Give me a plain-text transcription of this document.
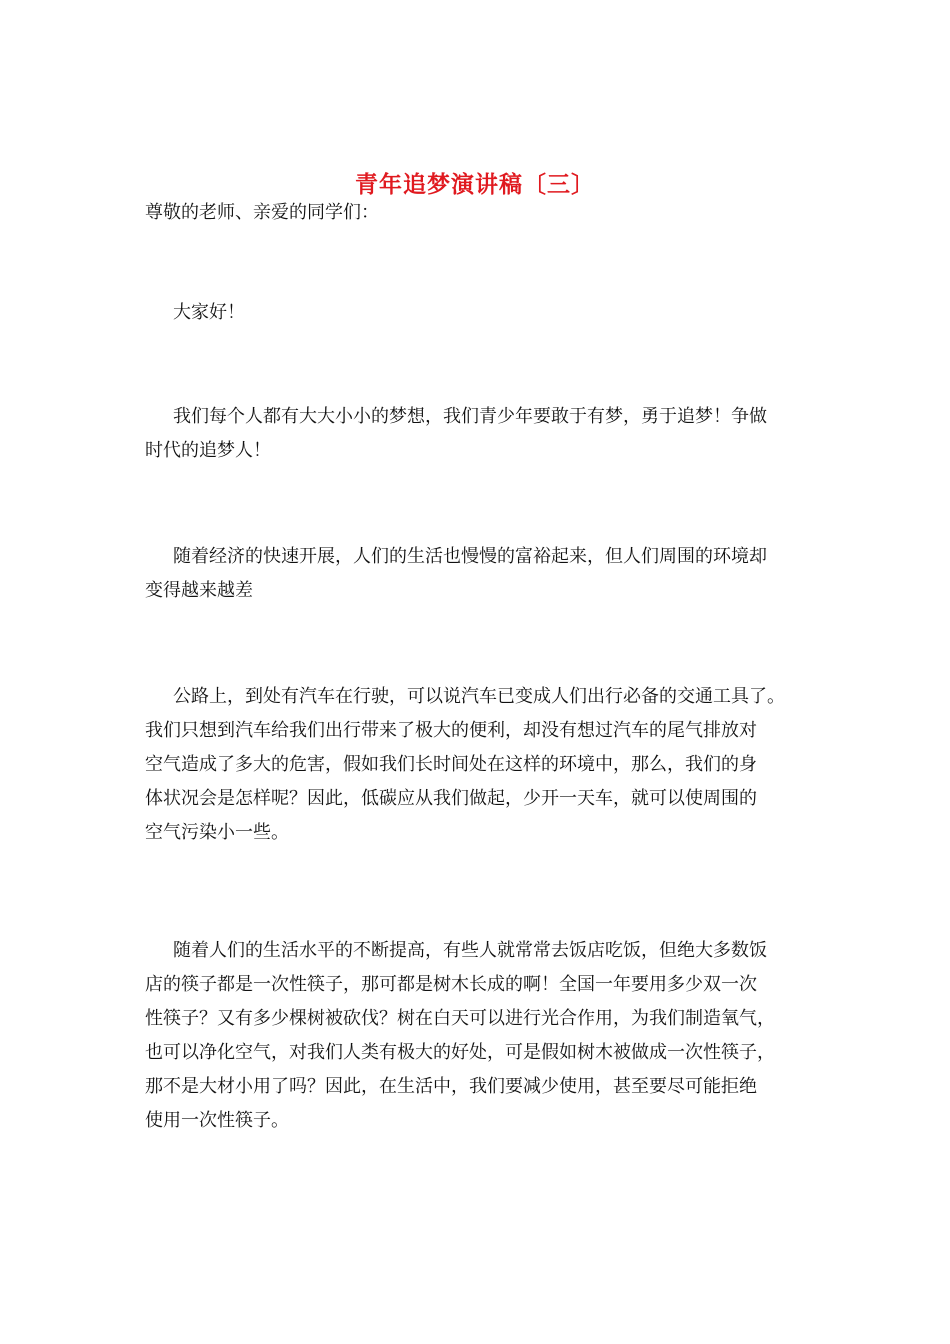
青年追梦演讲稿〔三〕
尊敬的老师、亲爱的同学们：

大家好！

我们每个人都有大大小小的梦想，我们青少年要敢于有梦，勇于追梦！争做
时代的追梦人！

随着经济的快速开展，人们的生活也慢慢的富裕起来，但人们周围的环境却
变得越来越差

公路上，到处有汽车在行驶，可以说汽车已变成人们出行必备的交通工具了。
我们只想到汽车给我们出行带来了极大的便利，却没有想过汽车的尾气排放对
空气造成了多大的危害，假如我们长时间处在这样的环境中，那么，我们的身
体状况会是怎样呢？因此，低碳应从我们做起，少开一天车，就可以使周围的
空气污染小一些。

随着人们的生活水平的不断提高，有些人就常常去饭店吃饭，但绝大多数饭
店的筷子都是一次性筷子，那可都是树木长成的啊！全国一年要用多少双一次
性筷子？又有多少棵树被砍伐？树在白天可以进行光合作用，为我们制造氧气，
也可以净化空气，对我们人类有极大的好处，可是假如树木被做成一次性筷子，
那不是大材小用了吗？因此，在生活中，我们要减少使用，甚至要尽可能拒绝
使用一次性筷子。
